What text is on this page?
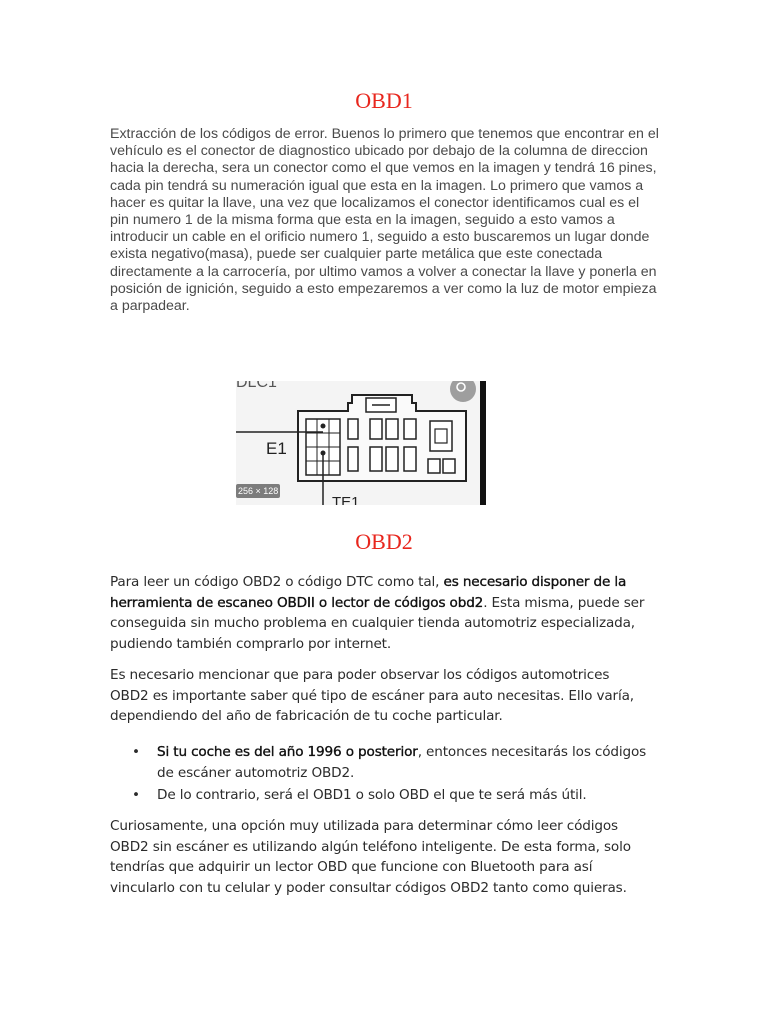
OBD1
Extracción de los códigos de error. Buenos lo primero que tenemos que encontrar en el vehículo es el conector de diagnostico ubicado por debajo de la columna de direccion hacia la derecha, sera un conector como el que vemos en la imagen y tendrá 16 pines, cada pin tendrá su numeración igual que esta en la imagen. Lo primero que vamos a hacer es quitar la llave, una vez que localizamos el conector identificamos cual es el pin numero 1 de la misma forma que esta en la imagen, seguido a esto vamos a introducir un cable en el orificio numero 1, seguido a esto buscaremos un lugar donde exista negativo(masa), puede ser cualquier parte metálica que este conectada directamente a la carrocería, por ultimo vamos a volver a conectar la llave y ponerla en posición de ignición, seguido a esto empezaremos a ver como la luz de motor empieza a parpadear.
E1
DLC1
TE1
256 × 128
OBD2
Para leer un código OBD2 o código DTC como tal, es necesario disponer de la herramienta de escaneo OBDII o lector de códigos obd2. Esta misma, puede ser conseguida sin mucho problema en cualquier tienda automotriz especializada, pudiendo también comprarlo por internet.
Es necesario mencionar que para poder observar los códigos automotrices OBD2 es importante saber qué tipo de escáner para auto necesitas. Ello varía, dependiendo del año de fabricación de tu coche particular.
• Si tu coche es del año 1996 o posterior, entonces necesitarás los códigos de escáner automotriz OBD2.
• De lo contrario, será el OBD1 o solo OBD el que te será más útil.
Curiosamente, una opción muy utilizada para determinar cómo leer códigos OBD2 sin escáner es utilizando algún teléfono inteligente. De esta forma, solo tendrías que adquirir un lector OBD que funcione con Bluetooth para así vincularlo con tu celular y poder consultar códigos OBD2 tanto como quieras.
